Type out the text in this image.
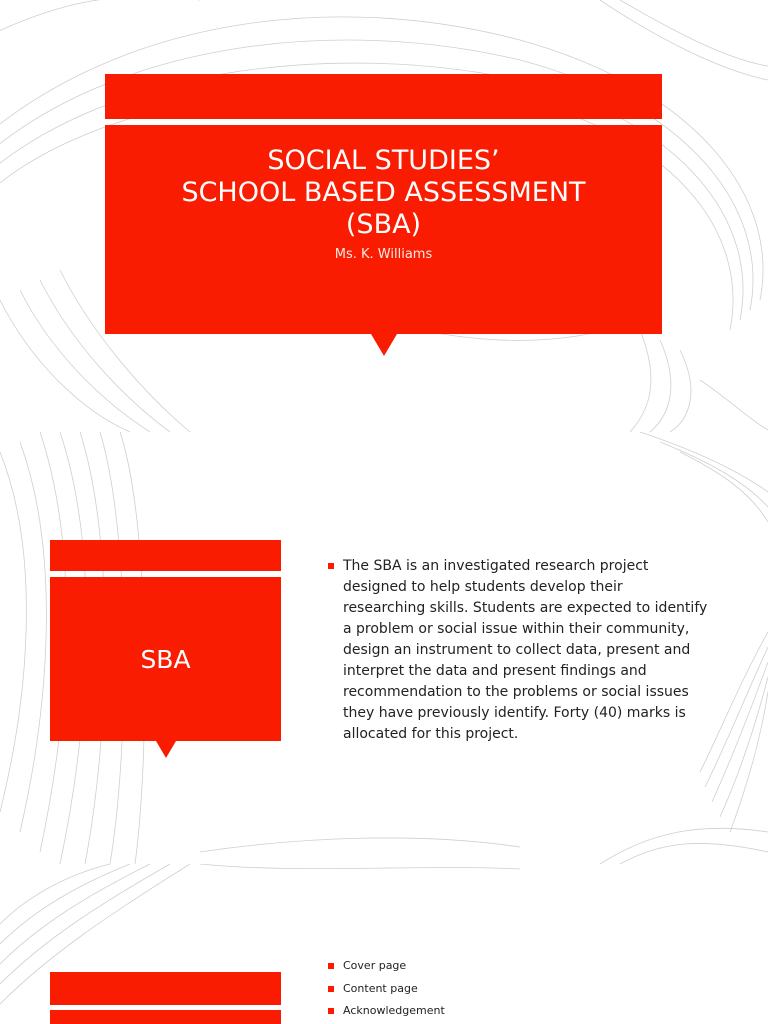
SOCIAL STUDIES’
SCHOOL BASED ASSESSMENT
(SBA)
Ms. K. Williams
SBA
The SBA is an investigated research project designed to help students develop their researching skills. Students are expected to identify a problem or social issue within their community, design an instrument to collect data, present and interpret the data and present findings and recommendation to the problems or social issues they have previously identify. Forty (40) marks is allocated for this project.
Cover page
Content page
Acknowledgement
